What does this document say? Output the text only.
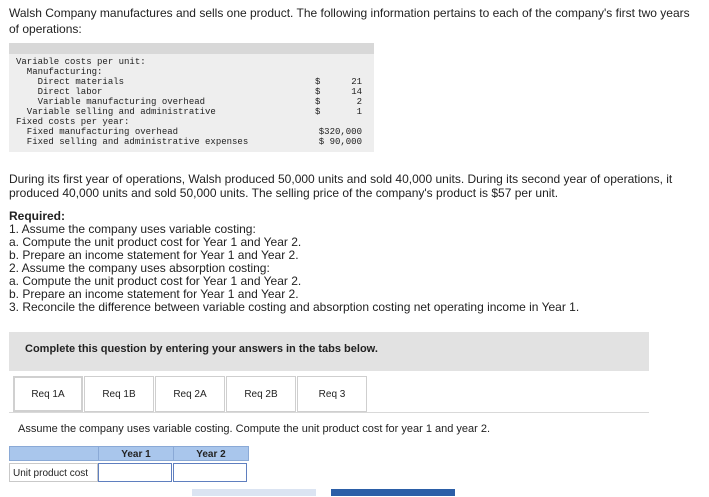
Walsh Company manufactures and sells one product. The following information pertains to each of the company's first two years of operations:
Variable costs per unit:
Manufacturing:
Direct materials	$	21
Direct labor	$	14
Variable manufacturing overhead	$	2
Variable selling and administrative	$	1
Fixed costs per year:
Fixed manufacturing overhead	$320,000
Fixed selling and administrative expenses	$ 90,000
During its first year of operations, Walsh produced 50,000 units and sold 40,000 units. During its second year of operations, it produced 40,000 units and sold 50,000 units. The selling price of the company's product is $57 per unit.
Required:
1. Assume the company uses variable costing:
a. Compute the unit product cost for Year 1 and Year 2.
b. Prepare an income statement for Year 1 and Year 2.
2. Assume the company uses absorption costing:
a. Compute the unit product cost for Year 1 and Year 2.
b. Prepare an income statement for Year 1 and Year 2.
3. Reconcile the difference between variable costing and absorption costing net operating income in Year 1.
Complete this question by entering your answers in the tabs below.
Req 1A	Req 1B	Req 2A	Req 2B	Req 3
Assume the company uses variable costing. Compute the unit product cost for year 1 and year 2.
Year 1	Year 2
Unit product cost
